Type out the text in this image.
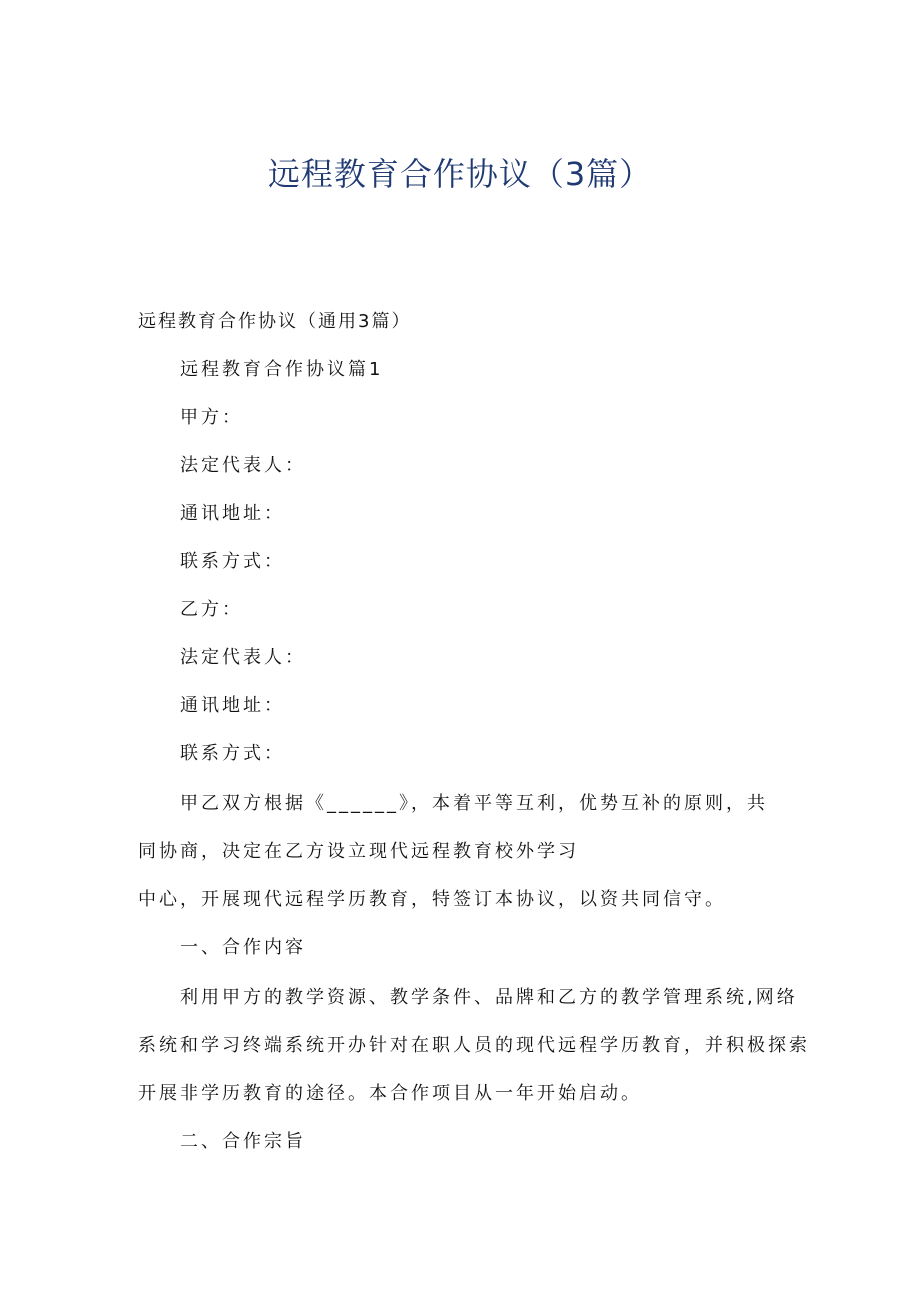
远程教育合作协议（3篇）
远程教育合作协议（通用3篇）
远程教育合作协议篇1
甲方：
法定代表人：
通讯地址：
联系方式：
乙方：
法定代表人：
通讯地址：
联系方式：
甲乙双方根据《______》，本着平等互利，优势互补的原则，共
同协商，决定在乙方设立现代远程教育校外学习
中心，开展现代远程学历教育，特签订本协议，以资共同信守。
一、合作内容
利用甲方的教学资源、教学条件、品牌和乙方的教学管理系统,网络
系统和学习终端系统开办针对在职人员的现代远程学历教育，并积极探索
开展非学历教育的途径。本合作项目从一年开始启动。
二、合作宗旨
